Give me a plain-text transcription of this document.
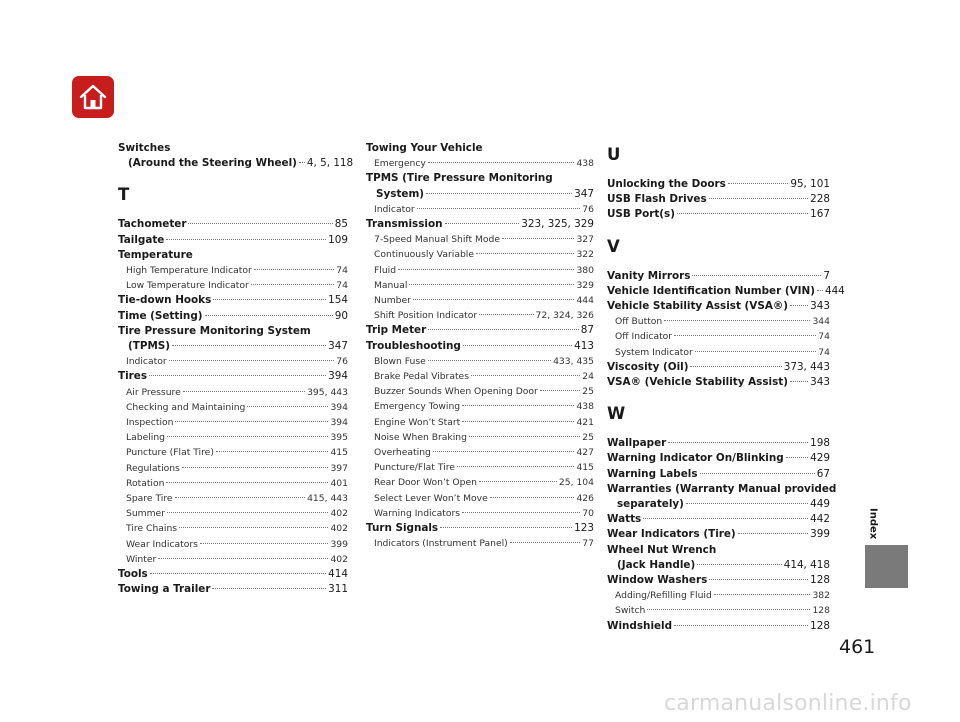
Switches
(Around the Steering Wheel) 4, 5, 118
T
Tachometer	85
Tailgate	109
Temperature
High Temperature Indicator	74
Low Temperature Indicator	74
Tie-down Hooks	154
Time (Setting)	90
Tire Pressure Monitoring System
(TPMS)	347
Indicator	76
Tires	394
Air Pressure	395, 443
Checking and Maintaining	394
Inspection	394
Labeling	395
Puncture (Flat Tire)	415
Regulations	397
Rotation	401
Spare Tire	415, 443
Summer	402
Tire Chains	402
Wear Indicators	399
Winter	402
Tools	414
Towing a Trailer	311
Towing Your Vehicle
Emergency	438
TPMS (Tire Pressure Monitoring
System)	347
Indicator	76
Transmission	323, 325, 329
7-Speed Manual Shift Mode	327
Continuously Variable	322
Fluid	380
Manual	329
Number	444
Shift Position Indicator	72, 324, 326
Trip Meter	87
Troubleshooting	413
Blown Fuse	433, 435
Brake Pedal Vibrates	24
Buzzer Sounds When Opening Door	25
Emergency Towing	438
Engine Won’t Start	421
Noise When Braking	25
Overheating	427
Puncture/Flat Tire	415
Rear Door Won’t Open	25, 104
Select Lever Won’t Move	426
Warning Indicators	70
Turn Signals	123
Indicators (Instrument Panel)	77
U
Unlocking the Doors	95, 101
USB Flash Drives	228
USB Port(s)	167
V
Vanity Mirrors	7
Vehicle Identification Number (VIN) 444
Vehicle Stability Assist (VSA®) 343
Off Button	344
Off Indicator	74
System Indicator	74
Viscosity (Oil)	373, 443
VSA® (Vehicle Stability Assist) 343
W
Wallpaper	198
Warning Indicator On/Blinking	429
Warning Labels	67
Warranties (Warranty Manual provided
separately)	449
Watts	442
Wear Indicators (Tire)	399
Wheel Nut Wrench
(Jack Handle)	414, 418
Window Washers	128
Adding/Refilling Fluid	382
Switch	128
Windshield	128
Index
461
carmanualsonline.info
